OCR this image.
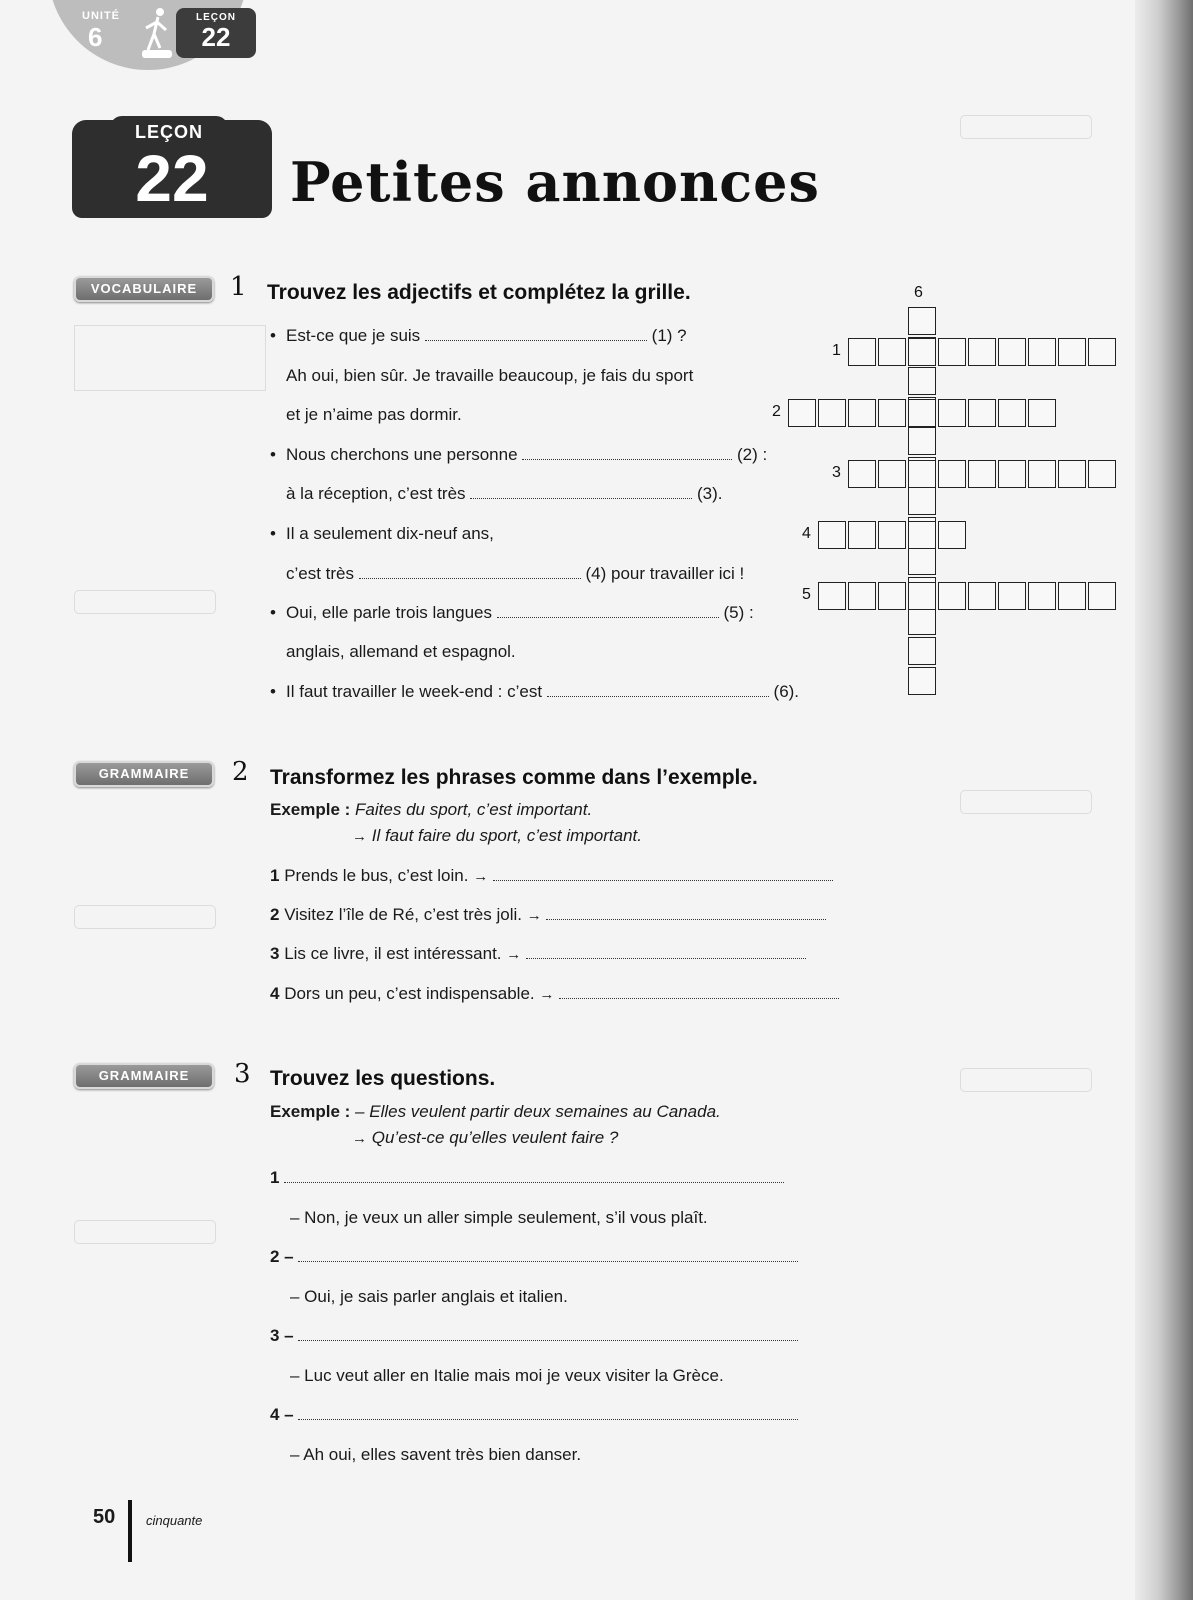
UNITÉ
6
LEÇON
22
LEÇON
22	Petites annonces
VOCABULAIRE	1 Trouvez les adjectifs et complétez la grille.
• Est-ce que je suis	(1) ?
Ah oui, bien sûr. Je travaille beaucoup, je fais du sport
et je n’aime pas dormir.
• Nous cherchons une personne	(2) :
à la réception, c’est très	(3).
• Il a seulement dix-neuf ans,
c’est très	(4) pour travailler ici !
• Oui, elle parle trois langues	(5) :
anglais, allemand et espagnol.
• Il faut travailler le week-end : c’est	(6).
1
2
3
4
5
6
GRAMMAIRE	2 Transformez les phrases comme dans l’exemple.
Exemple : Faites du sport, c’est important.
→ Il faut faire du sport, c’est important.
1 Prends le bus, c’est loin. →
2 Visitez l’île de Ré, c’est très joli. →
3 Lis ce livre, il est intéressant. →
4 Dors un peu, c’est indispensable. →
GRAMMAIRE	3 Trouvez les questions.
Exemple : – Elles veulent partir deux semaines au Canada.
→ Qu’est-ce qu’elles veulent faire ?
1
– Non, je veux un aller simple seulement, s’il vous plaît.
2 –
– Oui, je sais parler anglais et italien.
3 –
– Luc veut aller en Italie mais moi je veux visiter la Grèce.
4 –
– Ah oui, elles savent très bien danser.
50 cinquante
